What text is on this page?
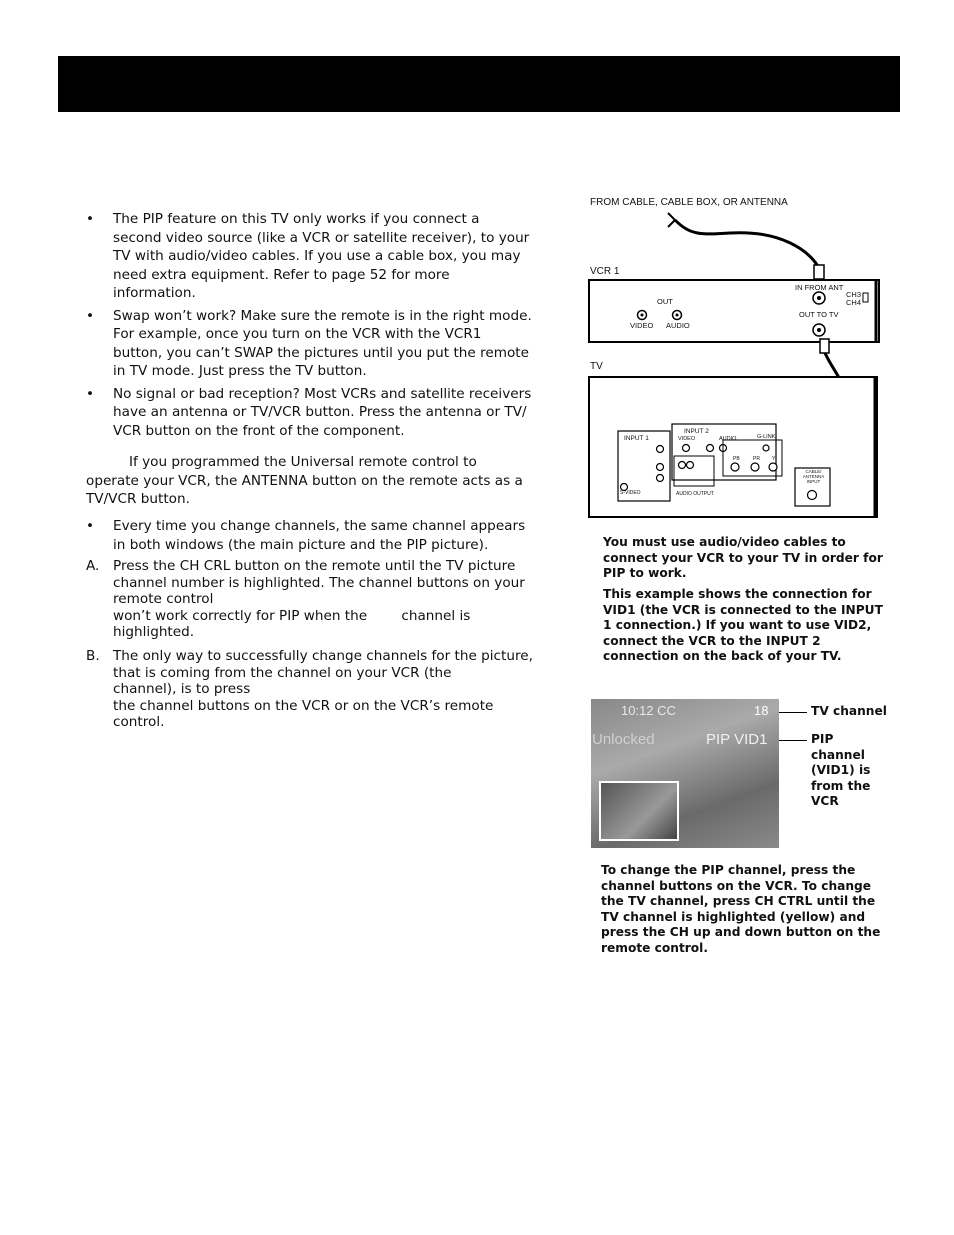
• The PIP feature on this TV only works if you connect a second video source (like a VCR or satellite receiver), to your TV with audio/video cables. If you use a cable box, you may need extra equipment. Refer to page 52 for more information.
• Swap won’t work? Make sure the remote is in the right mode. For example, once you turn on the VCR with the VCR1 button, you can’t SWAP the pictures until you put the remote in TV mode. Just press the TV button.
• No signal or bad reception? Most VCRs and satellite receivers have an antenna or TV/VCR button. Press the antenna or TV/ VCR button on the front of the component.
If you programmed the Universal remote control to operate your VCR, the ANTENNA button on the remote acts as a TV/VCR button.
• Every time you change channels, the same channel appears in both windows (the main picture and the PIP picture).
A.	Press the CH CRL button on the remote until the TV picture channel number is highlighted. The channel buttons on your remote control
won’t work correctly for PIP when the	channel is highlighted.
B. The only way to successfully change channels for the picture, that is coming from the channel on your VCR (the channel), is to press
the channel buttons on the VCR or on the VCR’s remote control.
FROM CABLE, CABLE BOX, OR ANTENNA
VCR 1
TV
OUT
VIDEO AUDIO
IN FROM ANT
CH3
CH4
OUT TO TV
INPUT 1
INPUT 2
VIDEO	AUDIO	G-LINK
S-VIDEO	AUDIO OUTPUT
PB	PR Y
CABLE/ ANTENNA INPUT
You must use audio/video cables to connect your VCR to your TV in order for PIP to work.
This example shows the connection for VID1 (the VCR is connected to the INPUT 1 connection.) If you want to use VID2, connect the VCR to the INPUT 2 connection on the back of your TV.
10:12 CC	18
Unlocked	PIP VID1
TV channel
PIP channel (VID1) is from the VCR
To change the PIP channel, press the channel buttons on the VCR. To change the TV channel, press CH CTRL until the TV channel is highlighted (yellow) and press the CH up and down button on the remote control.
